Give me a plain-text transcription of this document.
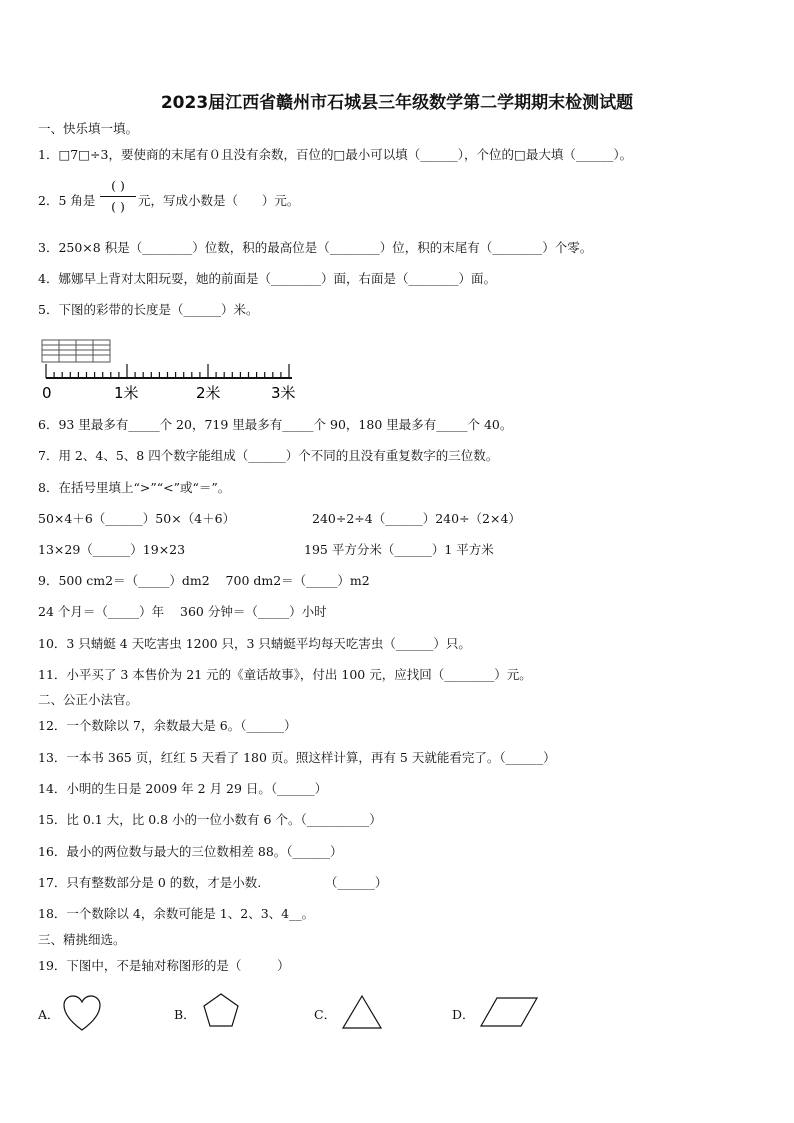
2023届江西省赣州市石城县三年级数学第二学期期末检测试题
一、快乐填一填。
1．□7□÷3，要使商的末尾有０且没有余数，百位的□最小可以填（______），个位的□最大填（______）。
2．5 角是
( )
( )	元，写成小数是（      ）元。
3．250×8 积是（________）位数，积的最高位是（________）位，积的末尾有（________）个零。
4．娜娜早上背对太阳玩耍，她的前面是（________）面，右面是（________）面。
5．下图的彩带的长度是（______）米。
0	1米	2米	3米
6．93 里最多有_____个 20，719 里最多有_____个 90，180 里最多有_____个 40。
7．用 2、4、5、8 四个数字能组成（______）个不同的且没有重复数字的三位数。
8．在括号里填上“>”“<”或“＝”。
50×4＋6（______）50×（4＋6）	240÷2÷4（______）240÷（2×4）
13×29（______）19×23	195 平方分米（______）1 平方米
9．500 cm2＝（_____）dm2    700 dm2＝（_____）m2
24 个月＝（_____）年    360 分钟＝（_____）小时
10．3 只蜻蜓 4 天吃害虫 1200 只，3 只蜻蜓平均每天吃害虫（______）只。
11．小平买了 3 本售价为 21 元的《童话故事》，付出 100 元，应找回（________）元。
二、公正小法官。
12．一个数除以 7，余数最大是 6。（______）
13．一本书 365 页，红红 5 天看了 180 页。照这样计算，再有 5 天就能看完了。（______）
14．小明的生日是 2009 年 2 月 29 日。（______）
15．比 0.1 大，比 0.8 小的一位小数有 6 个。（__________）
16．最小的两位数与最大的三位数相差 88。（______）
17．只有整数部分是 0 的数，才是小数.                （______）
18．一个数除以 4，余数可能是 1、2、3、4__。
三、精挑细选。
19．下图中，不是轴对称图形的是（         ）
A．	B．	C．	D．
